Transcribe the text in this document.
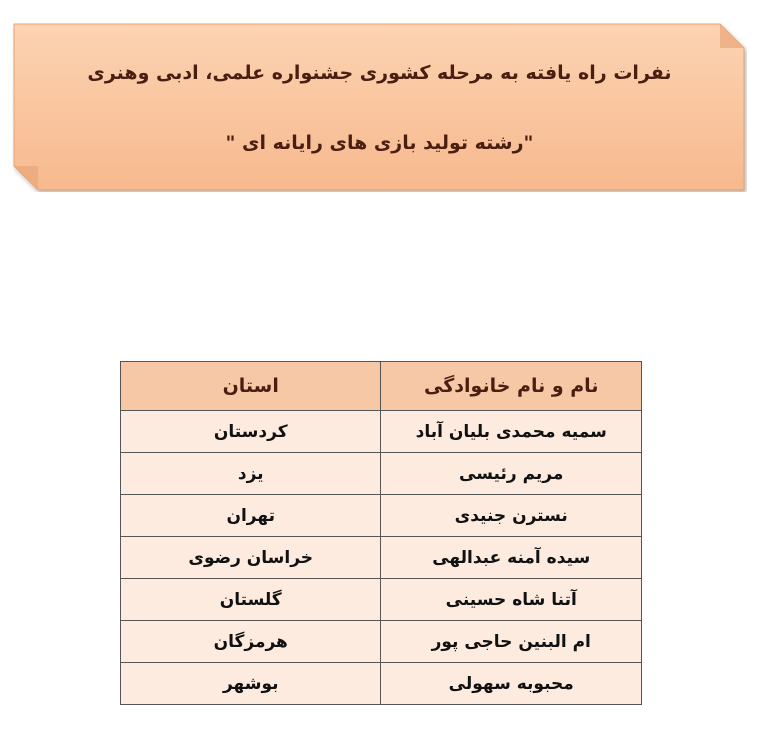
نفرات راه یافته به مرحله کشوری جشنواره علمی، ادبی وهنری
"رشته تولید بازی های رایانه ای "
نام و نام خانوادگی	استان
سمیه محمدی بلیان آباد	کردستان
مریم رئیسی	یزد
نسترن جنیدی	تهران
سیده آمنه عبدالهی	خراسان رضوی
آتنا شاه حسینی	گلستان
ام البنین حاجی پور	هرمزگان
محبوبه سهولی	بوشهر
